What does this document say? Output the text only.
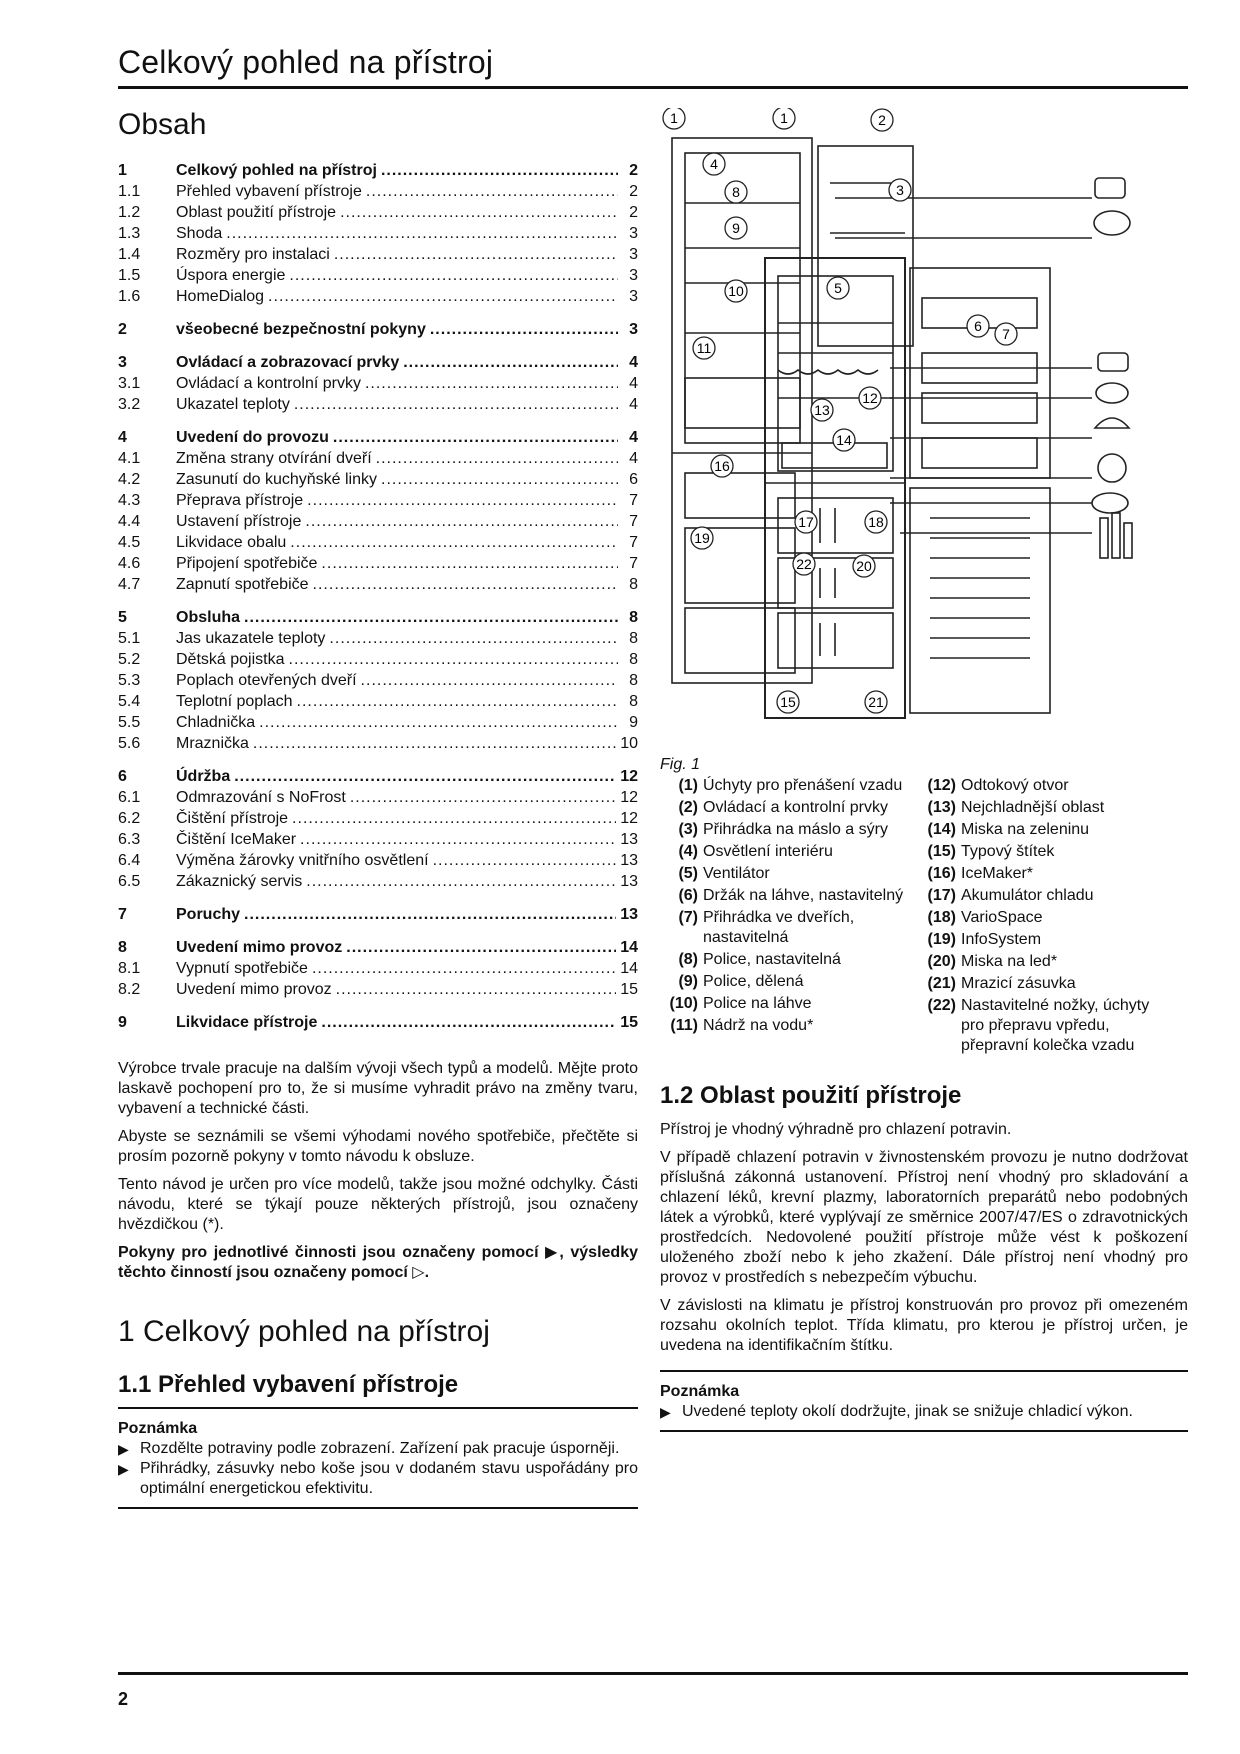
Celkový pohled na přístroj
Obsah
1	Celkový pohled na přístroj .....	2
1.1	Přehled vybavení přístroje .....	2
1.2	Oblast použití přístroje .....	2
1.3	Shoda .....	3
1.4	Rozměry pro instalaci .....	3
1.5	Úspora energie .....	3
1.6	HomeDialog .....	3
2	všeobecné bezpečnostní pokyny .....	3
3	Ovládací a zobrazovací prvky .....	4
3.1	Ovládací a kontrolní prvky .....	4
3.2	Ukazatel teploty .....	4
4	Uvedení do provozu .....	4
4.1	Změna strany otvírání dveří .....	4
4.2	Zasunutí do kuchyňské linky .....	6
4.3	Přeprava přístroje .....	7
4.4	Ustavení přístroje .....	7
4.5	Likvidace obalu .....	7
4.6	Připojení spotřebiče .....	7
4.7	Zapnutí spotřebiče .....	8
5	Obsluha .....	8
5.1	Jas ukazatele teploty .....	8
5.2	Dětská pojistka .....	8
5.3	Poplach otevřených dveří .....	8
5.4	Teplotní poplach .....	8
5.5	Chladnička .....	9
5.6	Mraznička .....	10
6	Údržba .....	12
6.1	Odmrazování s NoFrost .....	12
6.2	Čištění přístroje .....	12
6.3	Čištění IceMaker .....	13
6.4	Výměna žárovky vnitřního osvětlení .....	13
6.5	Zákaznický servis .....	13
7	Poruchy .....	13
8	Uvedení mimo provoz .....	14
8.1	Vypnutí spotřebiče .....	14
8.2	Uvedení mimo provoz .....	15
9	Likvidace přístroje .....	15

Výrobce trvale pracuje na dalším vývoji všech typů a modelů. Mějte proto laskavě pochopení pro to, že si musíme vyhradit právo na změny tvaru, vybavení a technické části.

Abyste se seznámili se všemi výhodami nového spotřebiče, přečtěte si prosím pozorně pokyny v tomto návodu k obsluze.

Tento návod je určen pro více modelů, takže jsou možné odchylky. Části návodu, které se týkají pouze některých přístrojů, jsou označeny hvězdičkou (*).

Pokyny pro jednotlivé činnosti jsou označeny pomocí ▶, výsledky těchto činností jsou označeny pomocí ▷.

1 Celkový pohled na přístroj
1.1 Přehled vybavení přístroje
Poznámka
▶ Rozdělte potraviny podle zobrazení. Zařízení pak pracuje úsporněji.
▶ Přihrádky, zásuvky nebo koše jsou v dodaném stavu uspořádány pro optimální energetickou efektivitu.
1	1	2
3
4
5
6 7
8
9
10
11
12
13
14
15
16
17	18
19
20
21
22
Fig. 1
(1) Úchyty pro přenášení vzadu
(2) Ovládací a kontrolní prvky
(3) Přihrádka na máslo a sýry
(4) Osvětlení interiéru
(5) Ventilátor
(6) Držák na láhve, nastavitelný
(7) Přihrádka ve dveřích, nastavitelná
(8) Police, nastavitelná
(9) Police, dělená
(10) Police na láhve
(11) Nádrž na vodu*
(12) Odtokový otvor
(13) Nejchladnější oblast
(14) Miska na zeleninu
(15) Typový štítek
(16) IceMaker*
(17) Akumulátor chladu
(18) VarioSpace
(19) InfoSystem
(20) Miska na led*
(21) Mrazicí zásuvka
(22) Nastavitelné nožky, úchyty pro přepravu vpředu, přepravní kolečka vzadu
1.2 Oblast použití přístroje

Přístroj je vhodný výhradně pro chlazení potravin.

V případě chlazení potravin v živnostenském provozu je nutno dodržovat příslušná zákonná ustanovení. Přístroj není vhodný pro skladování a chlazení léků, krevní plazmy, laboratorních preparátů nebo podobných látek a výrobků, které vyplývají ze směrnice 2007/47/ES o zdravotnických prostředcích. Nedovolené použití přístroje může vést k poškození uloženého zboží nebo k jeho zkažení. Dále přístroj není vhodný pro provoz v prostředích s nebezpečím výbuchu.

V závislosti na klimatu je přístroj konstruován pro provoz při omezeném rozsahu okolních teplot. Třída klimatu, pro kterou je přístroj určen, je uvedena na identifikačním štítku.

Poznámka
▶ Uvedené teploty okolí dodržujte, jinak se snižuje chladicí výkon.
2
